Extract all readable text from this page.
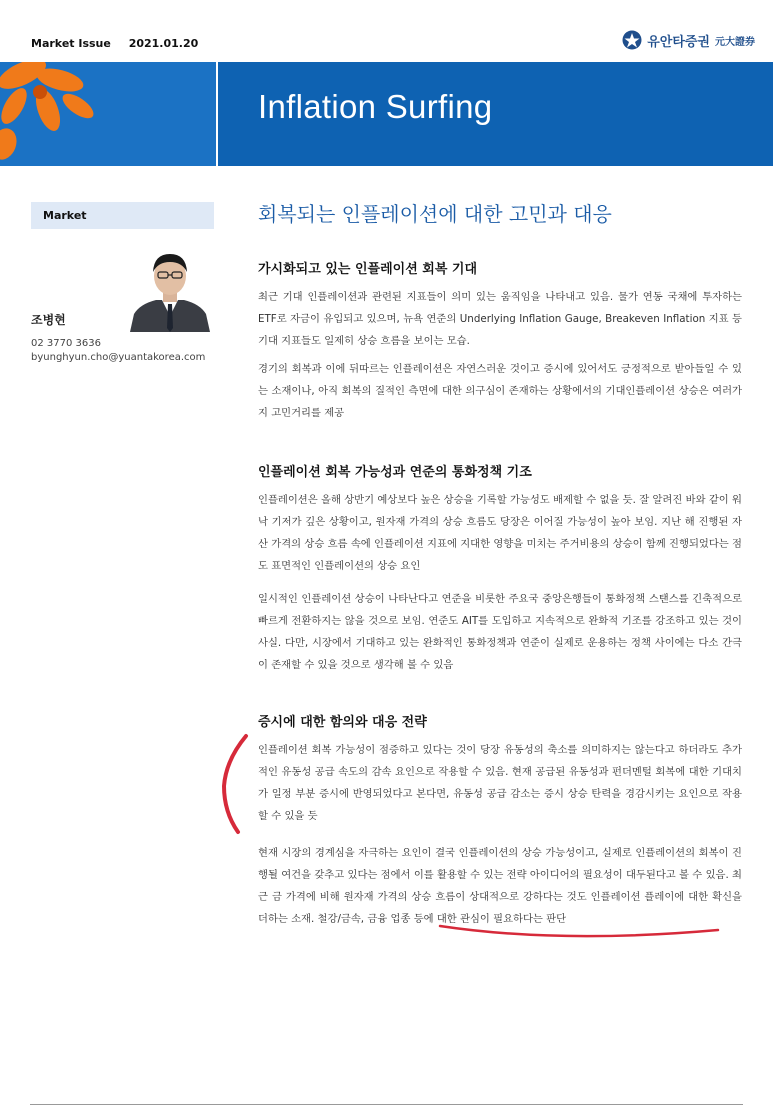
Market Issue 2021.01.20	유안타증권 元大證券
Inflation Surfing
Market
조병현
02 3770 3636
byunghyun.cho@yuantakorea.com
회복되는 인플레이션에 대한 고민과 대응
가시화되고 있는 인플레이션 회복 기대
최근 기대 인플레이션과 관련된 지표들이 의미 있는 움직임을 나타내고 있음. 물가 연동 국채에 투자하는 ETF로 자금이 유입되고 있으며, 뉴욕 연준의 Underlying Inflation Gauge, Breakeven Inflation 지표 등 기대 지표들도 일제히 상승 흐름을 보이는 모습.
경기의 회복과 이에 뒤따르는 인플레이션은 자연스러운 것이고 증시에 있어서도 긍정적으로 받아들일 수 있는 소재이나, 아직 회복의 질적인 측면에 대한 의구심이 존재하는 상황에서의 기대인플레이션 상승은 여러가지 고민거리를 제공
인플레이션 회복 가능성과 연준의 통화정책 기조
인플레이션은 올해 상반기 예상보다 높은 상승을 기록할 가능성도 배제할 수 없을 듯. 잘 알려진 바와 같이 워낙 기저가 깊은 상황이고, 원자재 가격의 상승 흐름도 당장은 이어질 가능성이 높아 보임. 지난 해 진행된 자산 가격의 상승 흐름 속에 인플레이션 지표에 지대한 영향을 미치는 주거비용의 상승이 함께 진행되었다는 점도 표면적인 인플레이션의 상승 요인
일시적인 인플레이션 상승이 나타난다고 연준을 비롯한 주요국 중앙은행들이 통화정책 스탠스를 긴축적으로 빠르게 전환하지는 않을 것으로 보임. 연준도 AIT를 도입하고 지속적으로 완화적 기조를 강조하고 있는 것이 사실. 다만, 시장에서 기대하고 있는 완화적인 통화정책과 연준이 실제로 운용하는 정책 사이에는 다소 간극이 존재할 수 있을 것으로 생각해 볼 수 있음
증시에 대한 함의와 대응 전략
인플레이션 회복 가능성이 점증하고 있다는 것이 당장 유동성의 축소를 의미하지는 않는다고 하더라도 추가적인 유동성 공급 속도의 감속 요인으로 작용할 수 있음. 현재 공급된 유동성과 펀더멘털 회복에 대한 기대치가 일정 부분 증시에 반영되었다고 본다면, 유동성 공급 감소는 증시 상승 탄력을 경감시키는 요인으로 작용할 수 있을 듯
현재 시장의 경계심을 자극하는 요인이 결국 인플레이션의 상승 가능성이고, 실제로 인플레이션의 회복이 진행될 여건을 갖추고 있다는 점에서 이를 활용할 수 있는 전략 아이디어의 필요성이 대두된다고 볼 수 있음. 최근 금 가격에 비해 원자재 가격의 상승 흐름이 상대적으로 강하다는 것도 인플레이션 플레이에 대한 확신을 더하는 소재. 철강/금속, 금융 업종 등에 대한 관심이 필요하다는 판단
